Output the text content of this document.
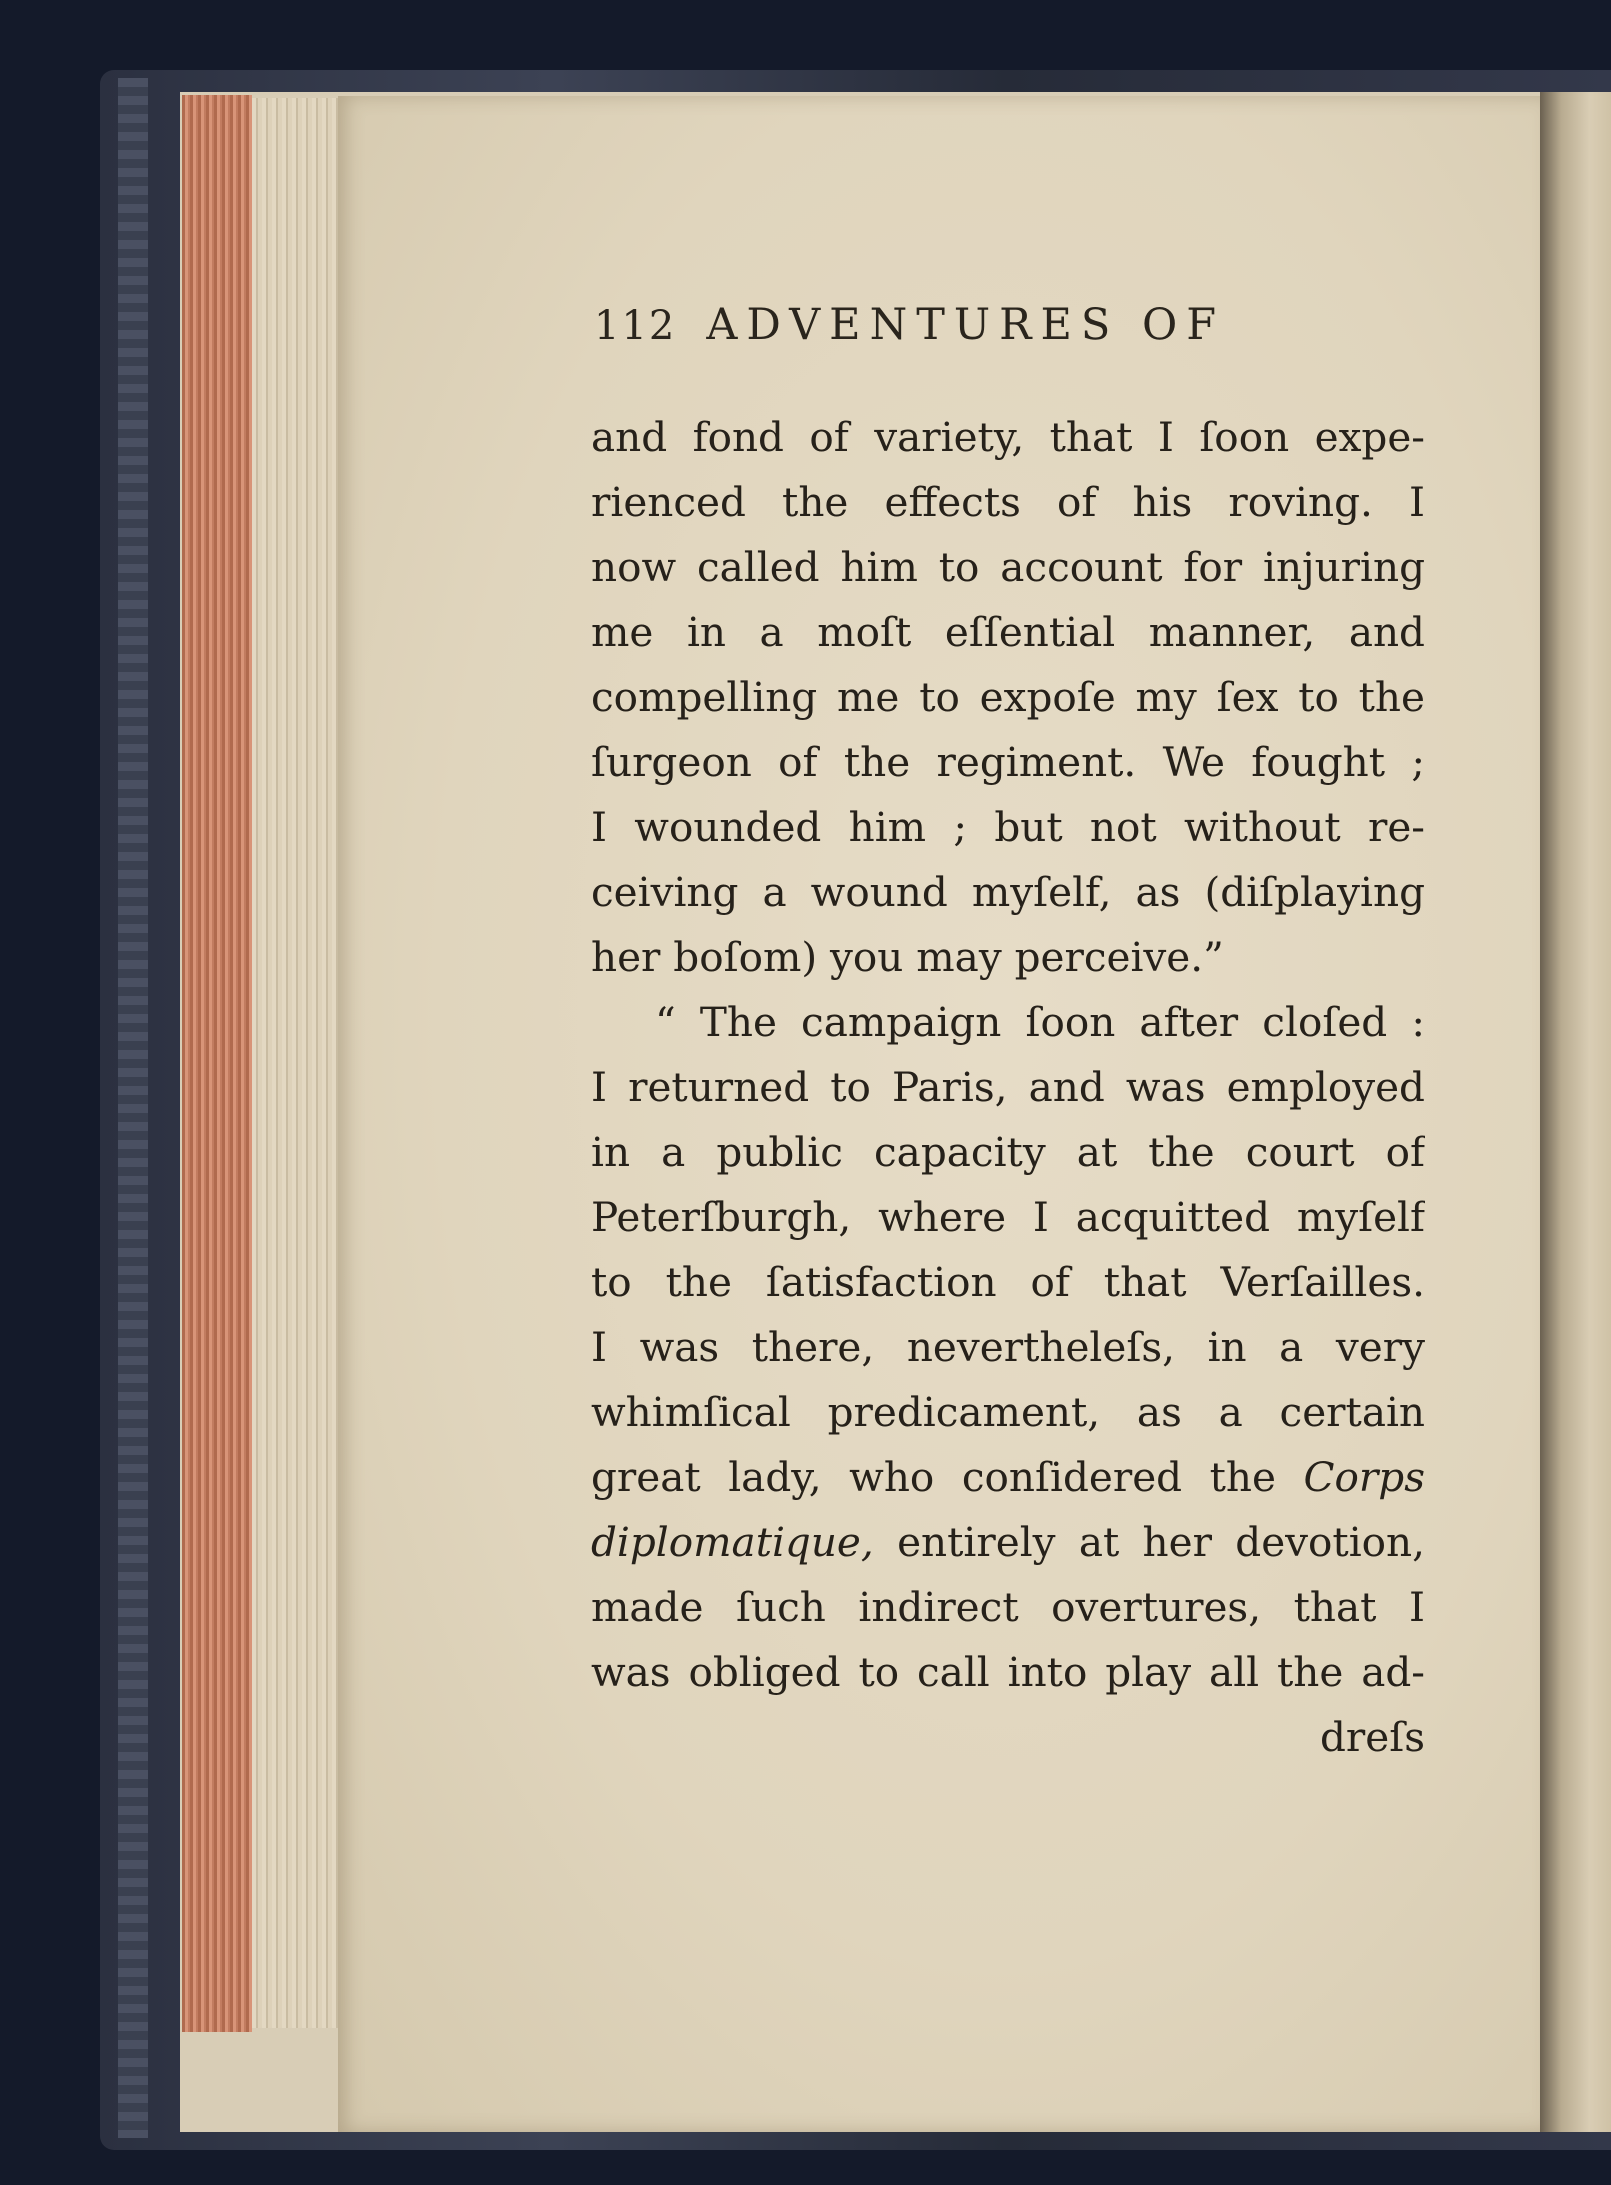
112 ADVENTURES OF
and fond of variety, that I ſoon expe-
rienced the effects of his roving. I
now called him to account for injuring
me in a moſt eſſential manner, and
compelling me to expoſe my ſex to the
ſurgeon of the regiment. We fought ;
I wounded him ; but not without re-
ceiving a wound myſelf, as (diſplaying
her boſom) you may perceive.”
“ The campaign ſoon after cloſed :
I returned to Paris, and was employed
in a public capacity at the court of
Peterſburgh, where I acquitted myſelf
to the ſatisfaction of that Verſailles.
I was there, nevertheleſs, in a very
whimſical predicament, as a certain
great lady, who conſidered the Corps
diplomatique, entirely at her devotion,
made ſuch indirect overtures, that I
was obliged to call into play all the ad-
dreſs
